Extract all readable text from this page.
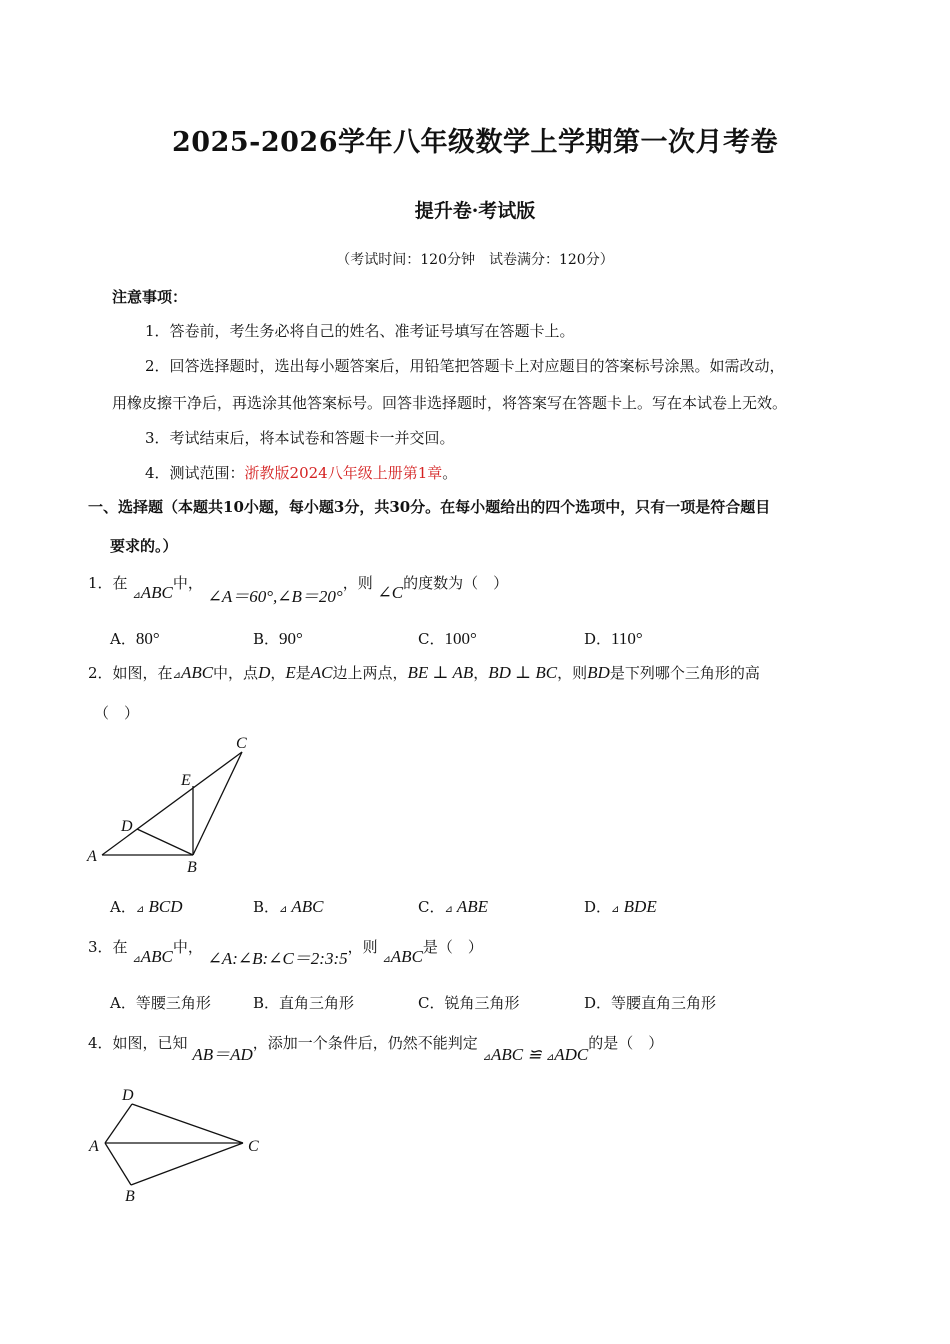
2025-2026学年八年级数学上学期第一次月考卷
提升卷·考试版
（考试时间：120分钟　试卷满分：120分）
注意事项：
1．答卷前，考生务必将自己的姓名、准考证号填写在答题卡上。
2．回答选择题时，选出每小题答案后，用铅笔把答题卡上对应题目的答案标号涂黑。如需改动，
用橡皮擦干净后，再选涂其他答案标号。回答非选择题时，将答案写在答题卡上。写在本试卷上无效。
3．考试结束后，将本试卷和答题卡一并交回。
4．测试范围：浙教版2024八年级上册第1章。
一、选择题（本题共10小题，每小题3分，共30分。在每小题给出的四个选项中，只有一项是符合题目
要求的。）
1．在 ⊿ABC中， ∠A＝60°,∠B＝20°，则 ∠C的度数为（　）
A．80°	B．90°	C．100°	D．110°
2．如图，在⊿ABC中，点D，E是AC边上两点，BE ⊥ AB，BD ⊥ BC，则BD是下列哪个三角形的高
（　）
A
B
C
D
E
A．⊿ BCD	B．⊿ ABC	C．⊿ ABE	D．⊿ BDE
3．在 ⊿ABC中， ∠A:∠B:∠C＝2:3:5，则 ⊿ABC是（　）
A．等腰三角形	B．直角三角形	C．锐角三角形	D．等腰直角三角形
4．如图，已知 AB＝AD，添加一个条件后，仍然不能判定 ⊿ABC ≌ ⊿ADC的是（　）
A
B
C
D
